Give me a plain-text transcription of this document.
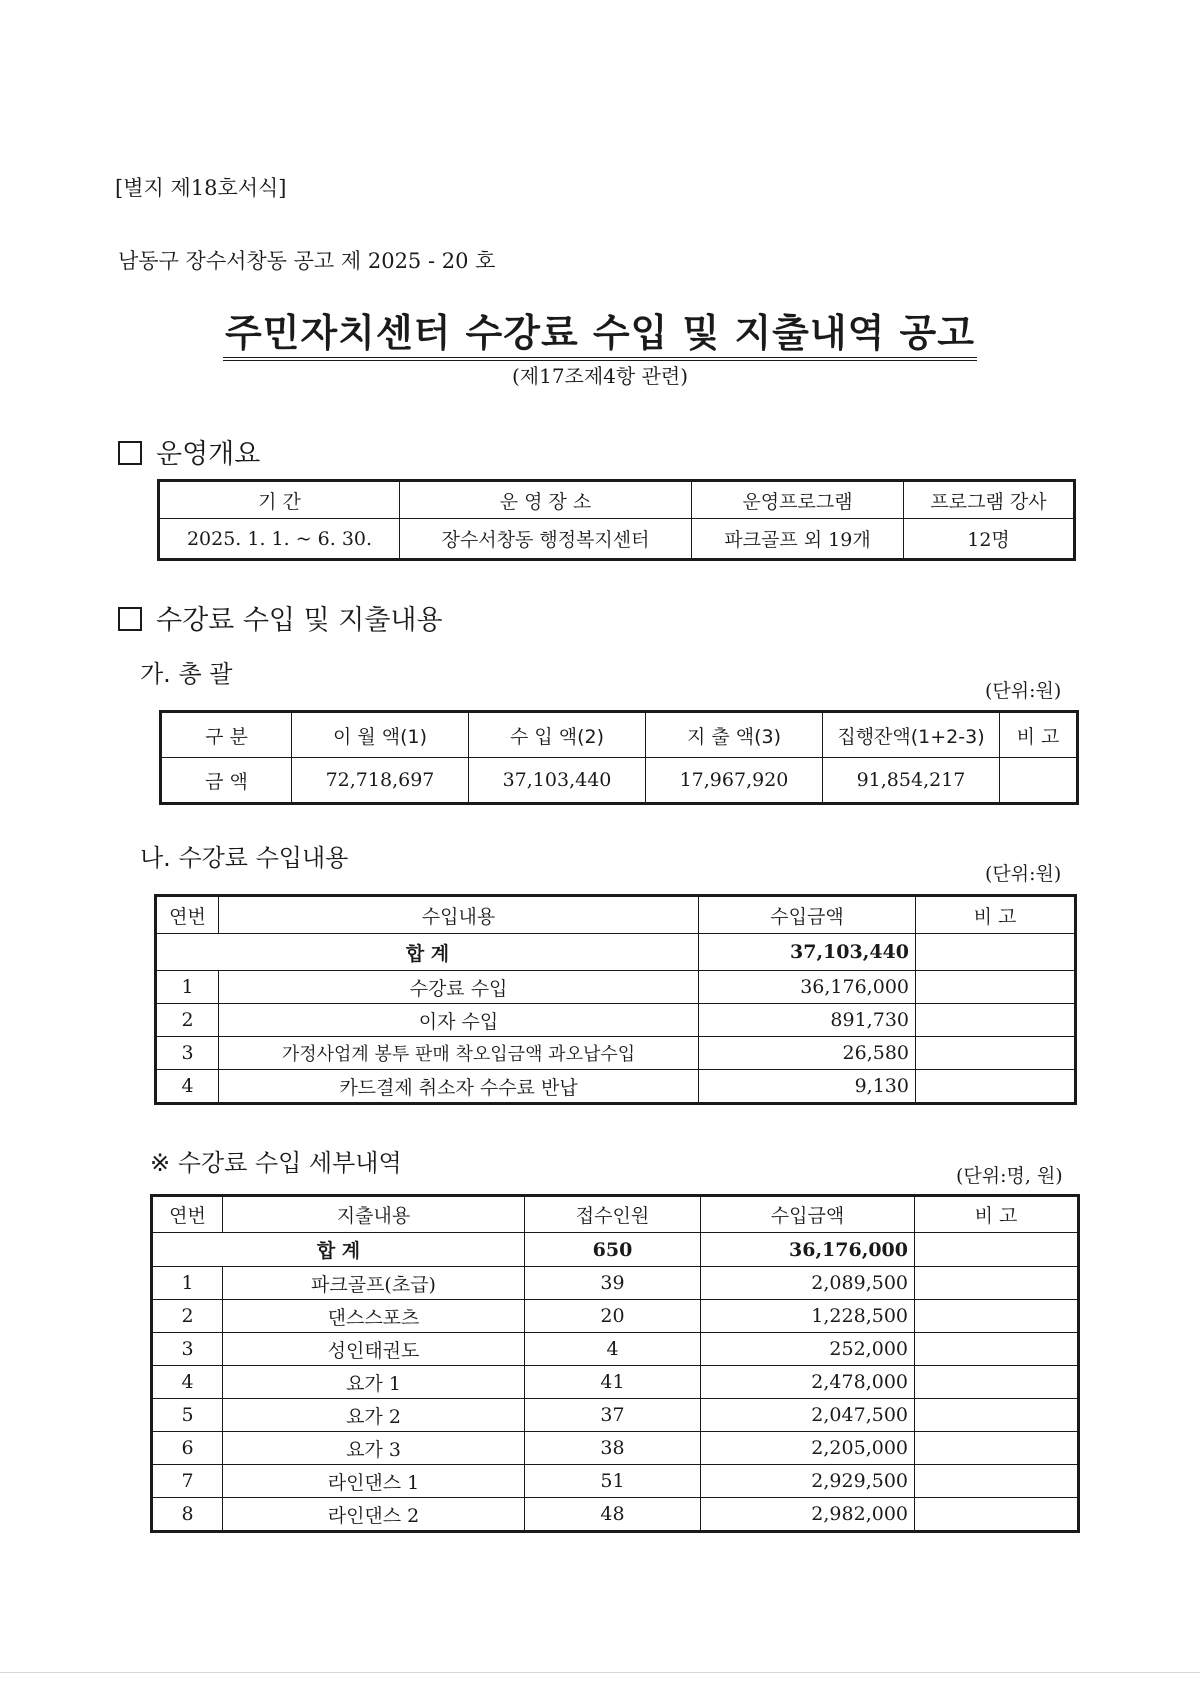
[별지 제18호서식]
남동구 장수서창동 공고 제 2025 - 20 호
주민자치센터 수강료 수입 및 지출내역 공고
(제17조제4항 관련)
운영개요
기 간	운 영 장 소	운영프로그램	프로그램 강사
2025. 1. 1. ~ 6. 30.	장수서창동 행정복지센터	파크골프 외 19개	12명
수강료 수입 및 지출내용
가. 총 괄
(단위:원)
구 분	이 월 액(1)	수 입 액(2)	지 출 액(3)	집행잔액(1+2-3)	비 고
금 액	72,718,697	37,103,440	17,967,920	91,854,217	
나. 수강료 수입내용
(단위:원)
연번	수입내용	수입금액	비 고
합 계		37,103,440	
1	수강료 수입	36,176,000	
2	이자 수입	891,730	
3	가정사업계 봉투 판매 착오입금액 과오납수입	26,580	
4	카드결제 취소자 수수료 반납	9,130	
※ 수강료 수입 세부내역	(단위:명, 원)
연번	지출내용	접수인원	수입금액	비 고
합 계		650	36,176,000	
1	파크골프(초급)	39	2,089,500	
2	댄스스포츠	20	1,228,500	
3	성인태권도	4	252,000	
4	요가 1	41	2,478,000	
5	요가 2	37	2,047,500	
6	요가 3	38	2,205,000	
7	라인댄스 1	51	2,929,500	
8	라인댄스 2	48	2,982,000	
